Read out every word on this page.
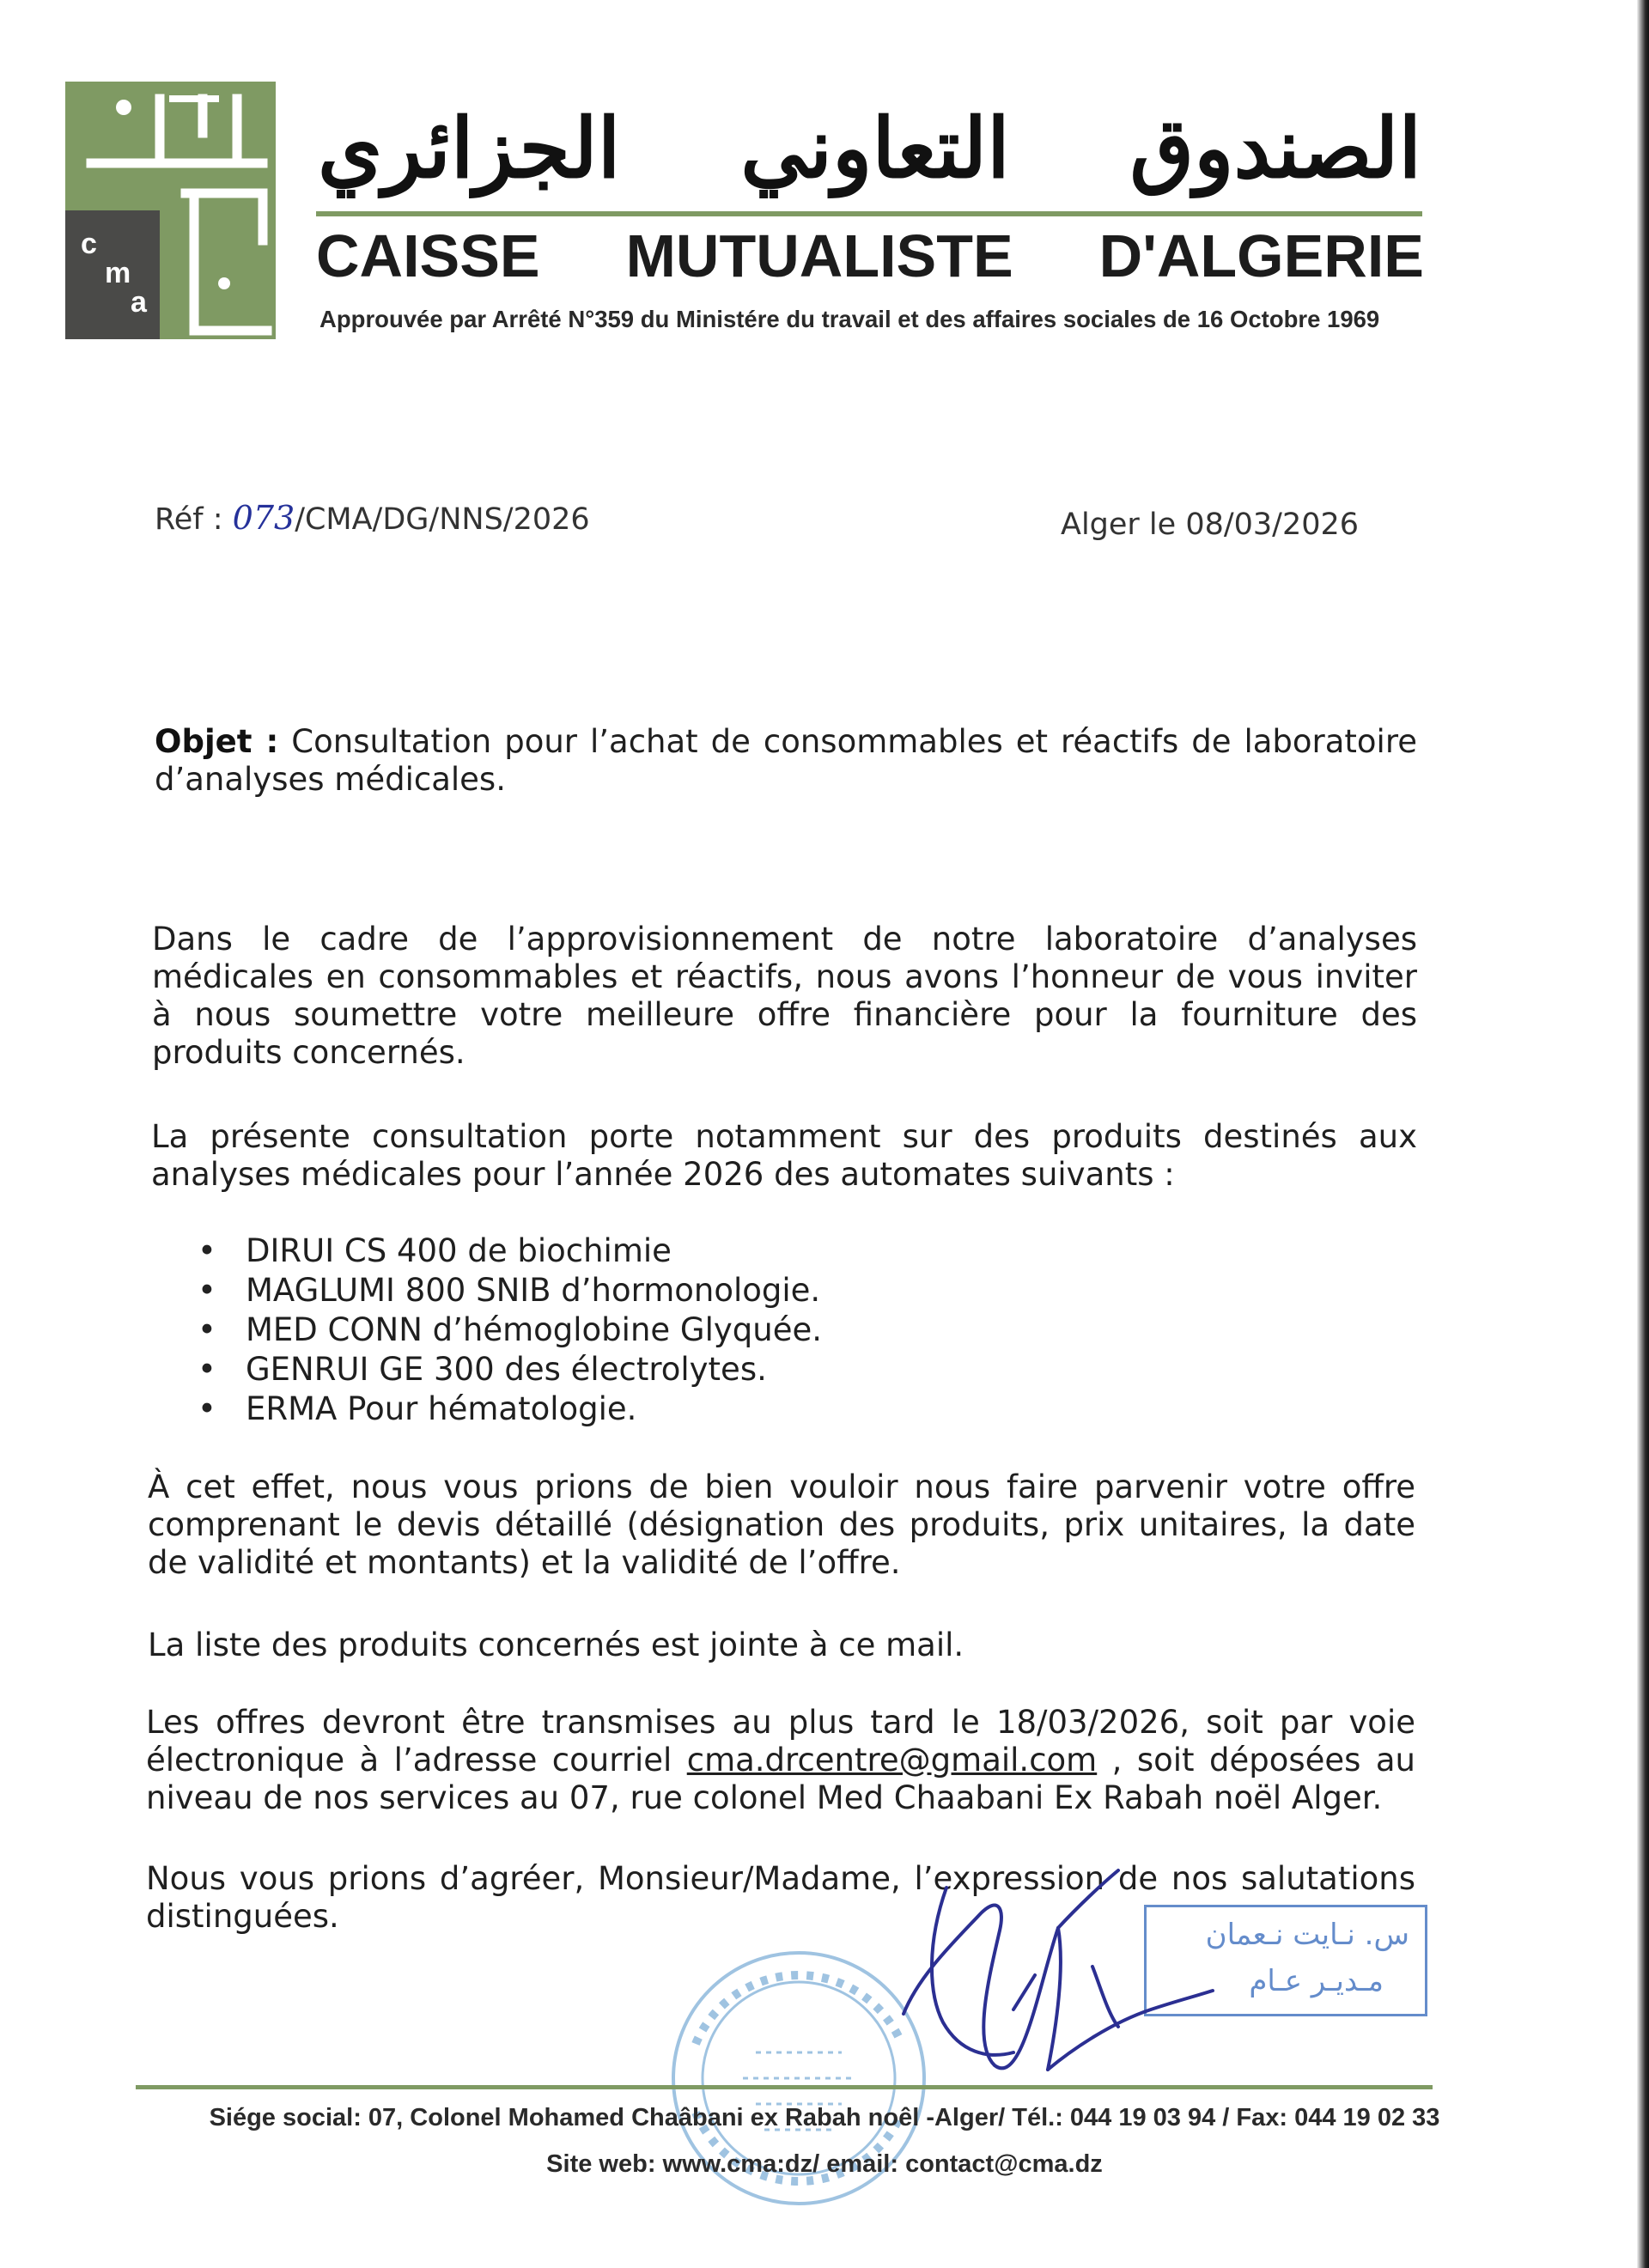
c
m
a
الصندوق التعاوني الجزائري
CAISSE MUTUALISTE D'ALGERIE
Approuvée par Arrêté N°359 du Ministére du travail et des affaires sociales de 16 Octobre 1969
Réf : 073/CMA/DG/NNS/2026	Alger le 08/03/2026
Objet : Consultation pour l’achat de consommables et réactifs de laboratoire d’analyses médicales.
Dans le cadre de l’approvisionnement de notre laboratoire d’analyses médicales en consommables et réactifs, nous avons l’honneur de vous inviter à nous soumettre votre meilleure offre financière pour la fourniture des produits concernés.
La présente consultation porte notamment sur des produits destinés aux analyses médicales pour l’année 2026 des automates suivants :
• DIRUI CS 400 de biochimie
• MAGLUMI 800 SNIB d’hormonologie.
• MED CONN d’hémoglobine Glyquée.
• GENRUI GE 300 des électrolytes.
• ERMA Pour hématologie.
À cet effet, nous vous prions de bien vouloir nous faire parvenir votre offre comprenant le devis détaillé (désignation des produits, prix unitaires, la date de validité et montants) et la validité de l’offre.
La liste des produits concernés est jointe à ce mail.
Les offres devront être transmises au plus tard le 18/03/2026, soit par voie électronique à l’adresse courriel cma.drcentre@gmail.com , soit déposées au niveau de nos services au 07, rue colonel Med Chaabani Ex Rabah noël Alger.
Nous vous prions d’agréer, Monsieur/Madame, l’expression de nos salutations distinguées.	س. نـايت نـعمان
مـديـر عـام
Siége social: 07, Colonel Mohamed Chaâbani ex Rabah noêl -Alger/ Tél.: 044 19 03 94 / Fax: 044 19 02 33
Site web: www.cma:dz/ email: contact@cma.dz
